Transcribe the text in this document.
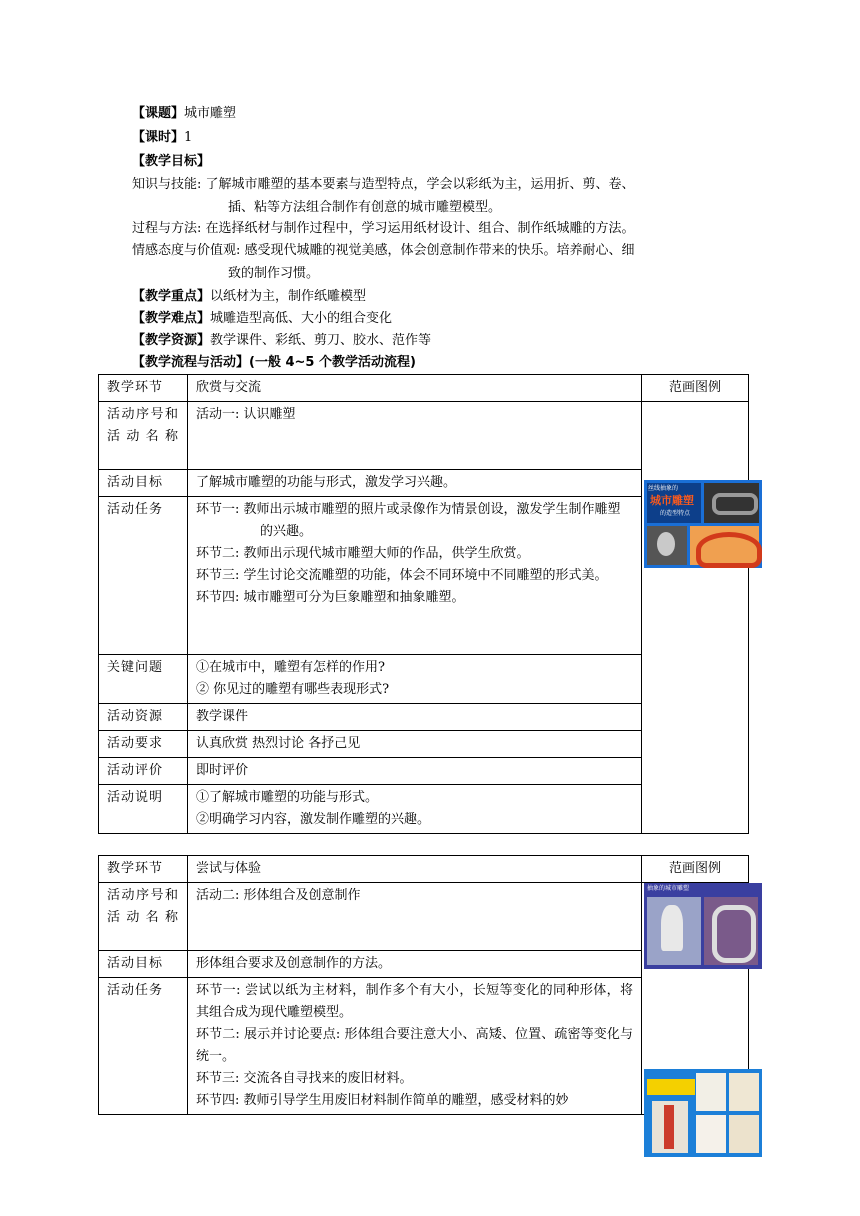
【课题】城市雕塑
【课时】1
【教学目标】
知识与技能: 了解城市雕塑的基本要素与造型特点，学会以彩纸为主，运用折、剪、卷、
插、粘等方法组合制作有创意的城市雕塑模型。
过程与方法: 在选择纸材与制作过程中，学习运用纸材设计、组合、制作纸城雕的方法。
情感态度与价值观: 感受现代城雕的视觉美感，体会创意制作带来的快乐。培养耐心、细
致的制作习惯。
【教学重点】以纸材为主，制作纸雕模型
【教学难点】城雕造型高低、大小的组合变化
【教学资源】教学课件、彩纸、剪刀、胶水、范作等
【教学流程与活动】(一般 4~5 个教学活动流程)
教学环节	欣赏与交流	范画图例
活动序号和活动名称	活动一: 认识雕塑	丝线抽象的
城市雕塑
的造型特点

活动目标	了解城市雕塑的功能与形式，激发学习兴趣。	
活动任务	环节一: 教师出示城市雕塑的照片或录像作为情景创设，激发学生制作雕塑的兴趣。
环节二: 教师出示现代城市雕塑大师的作品，供学生欣赏。
环节三: 学生讨论交流雕塑的功能，体会不同环境中不同雕塑的形式美。
环节四: 城市雕塑可分为巨象雕塑和抽象雕塑。	

关键问题	①在城市中，雕塑有怎样的作用?
② 你见过的雕塑有哪些表现形式?	

活动资源	教学课件	
活动要求	认真欣赏 热烈讨论 各抒己见	
活动评价	即时评价	
活动说明	①了解城市雕塑的功能与形式。
②明确学习内容，激发制作雕塑的兴趣。	
教学环节	尝试与体验	范画图例
活动序号和活动名称	活动二: 形体组合及创意制作	抽象的城市雕塑

活动目标	形体组合要求及创意制作的方法。	
活动任务	环节一: 尝试以纸为主材料，制作多个有大小，长短等变化的同种形体，将其组合成为现代雕塑模型。
环节二: 展示并讨论要点: 形体组合要注意大小、高矮、位置、疏密等变化与统一。
环节三: 交流各自寻找来的废旧材料。
环节四: 教师引导学生用废旧材料制作简单的雕塑，感受材料的妙	
